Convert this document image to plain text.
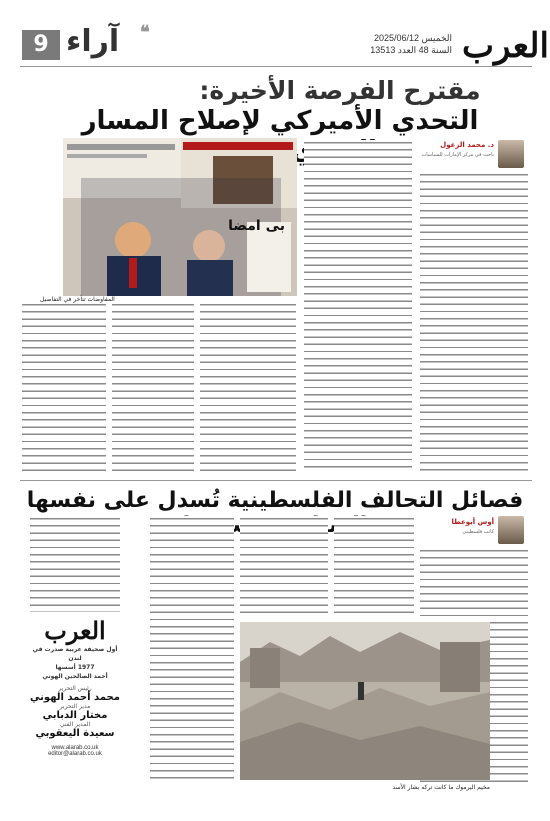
9 آراء ❝	الخميس 2025/06/12
السنة 48 العدد 13513 العرب
مقترح الفرصة الأخيرة:
التحدي الأميركي لإصلاح المسار
د. محمد الزغول
باحث في مركز الإمارات للسياسات
بی امضا
المفاوضات تتأخر في التفاصيل
فصائل التحالف الفلسطينية تُسدل على نفسها
أوس أبوعطا
كاتب فلسطيني
مخيم اليرموك ما كانت تركه بشار الأسد
العرب
أول صحيفة عربية صدرت في لندن
1977 أسسها
أحمد الصالحين الهوني
رئيس التحرير
محمد أحمد الهوني
مدير التحرير
مختار الدبابي
المدير الفني
سعيدة اليعقوبي
www.alarab.co.uk
editor@alarab.co.uk
